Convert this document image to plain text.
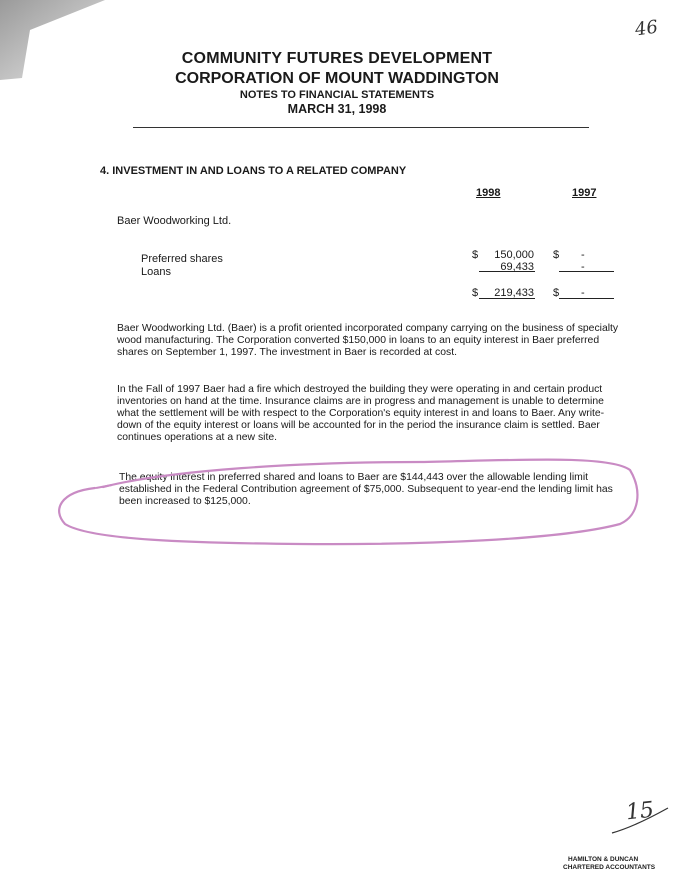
COMMUNITY FUTURES DEVELOPMENT
CORPORATION OF MOUNT WADDINGTON
NOTES TO FINANCIAL STATEMENTS
MARCH 31, 1998
46
4. INVESTMENT IN AND LOANS TO A RELATED COMPANY
1998	1997
Baer Woodworking Ltd.
Preferred shares	$	150,000 $ -
Loans	69,433	-
$	219,433 $ -
Baer Woodworking Ltd. (Baer) is a profit oriented incorporated company carrying on the business of specialty wood manufacturing. The Corporation converted $150,000 in loans to an equity interest in Baer preferred shares on September 1, 1997. The investment in Baer is recorded at cost.
In the Fall of 1997 Baer had a fire which destroyed the building they were operating in and certain product inventories on hand at the time. Insurance claims are in progress and management is unable to determine what the settlement will be with respect to the Corporation's equity interest in and loans to Baer. Any write-down of the equity interest or loans will be accounted for in the period the insurance claim is settled. Baer continues operations at a new site.
The equity interest in preferred shared and loans to Baer are $144,443 over the allowable lending limit established in the Federal Contribution agreement of $75,000. Subsequent to year-end the lending limit has been increased to $125,000.
15
HAMILTON & DUNCAN
CHARTERED ACCOUNTANTS
